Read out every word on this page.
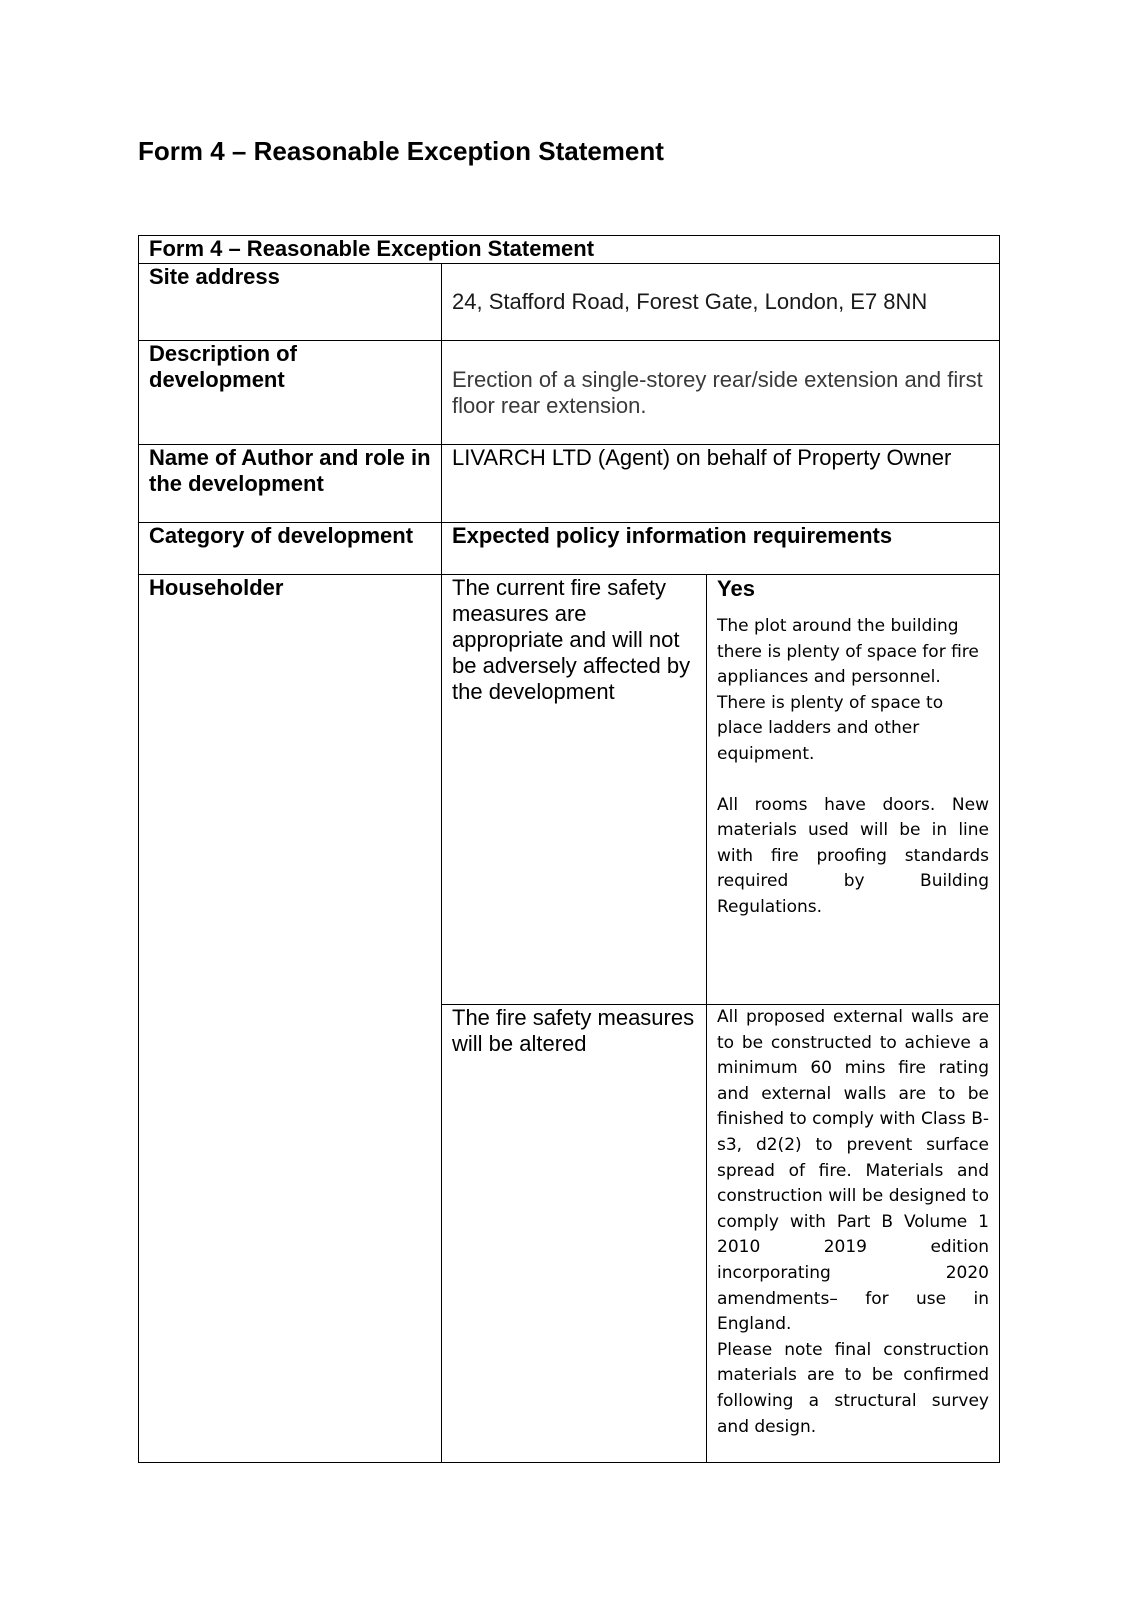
Form 4 – Reasonable Exception Statement
Form 4 – Reasonable Exception Statement		
Site address	24, Stafford Road, Forest Gate, London, E7 8NN	
Description of development	Erection of a single-storey rear/side extension and first floor rear extension.	
Name of Author and role in the development	LIVARCH LTD (Agent) on behalf of Property Owner	
Category of development	Expected policy information requirements	
Householder	The current fire safety measures are appropriate and will not be adversely affected by the development	Yes
The plot around the building there is plenty of space for fire appliances and personnel. There is plenty of space to place ladders and other equipment.
All rooms have doors. New materials used will be in line with fire proofing standards required by Building Regulations.

	The fire safety measures will be altered	All proposed external walls are to be constructed to achieve a minimum 60 mins fire rating and external walls are to be finished to comply with Class B-s3, d2(2) to prevent surface spread of fire. Materials and construction will be designed to comply with Part B Volume 1 2010 2019 edition incorporating 2020 amendments– for use in England.
Please note final construction materials are to be confirmed following a structural survey and design.
